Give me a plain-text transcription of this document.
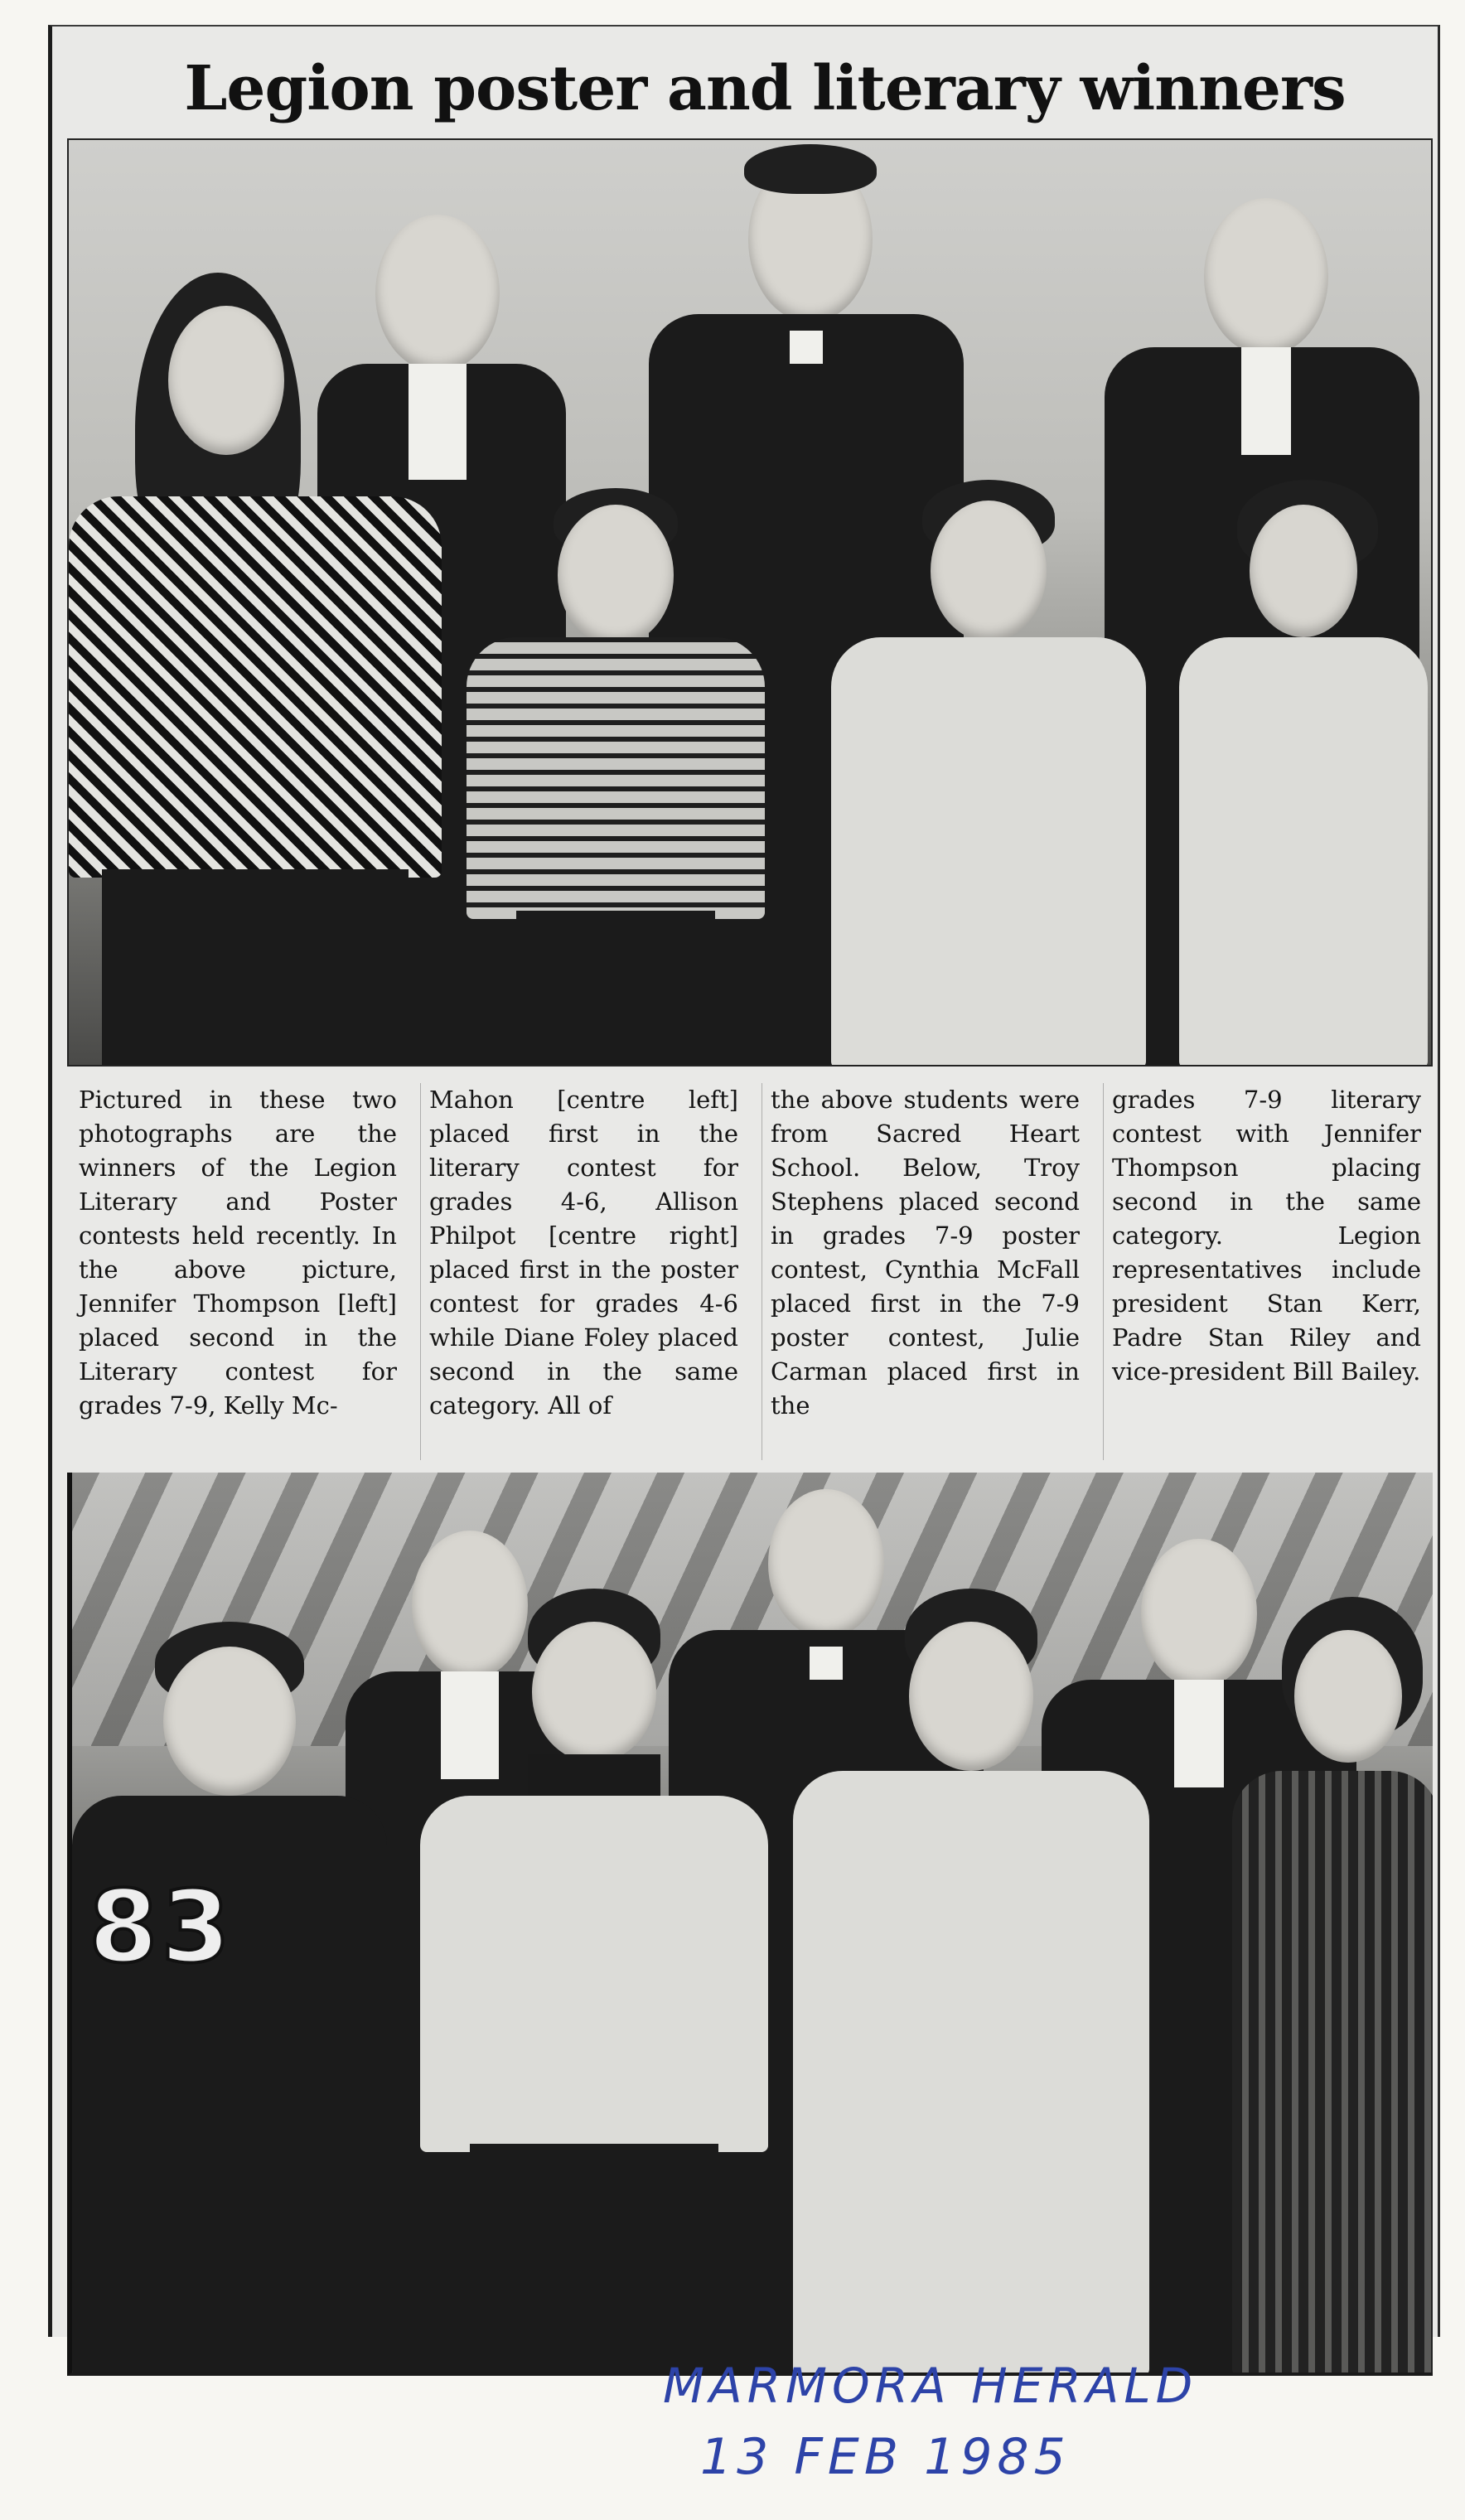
Legion poster and literary winners

Pictured in these two photographs are the winners of the Legion Literary and Poster contests held recently. In the above picture, Jennifer Thompson [left] placed second in the Literary contest for grades 7-9, Kelly Mc-

Mahon [centre left] placed first in the literary contest for grades 4-6, Allison Philpot [centre right] placed first in the poster contest for grades 4-6 while Diane Foley placed second in the same category. All of

the above students were from Sacred Heart School. Below, Troy Stephens placed second in grades 7-9 poster contest, Cynthia McFall placed first in the 7-9 poster contest, Julie Carman placed first in the

grades 7-9 literary contest with Jennifer Thompson placing second in the same category. Legion representatives include president Stan Kerr, Padre Stan Riley and vice-president Bill Bailey.

83

MARMORA HERALD

13 FEB 1985
